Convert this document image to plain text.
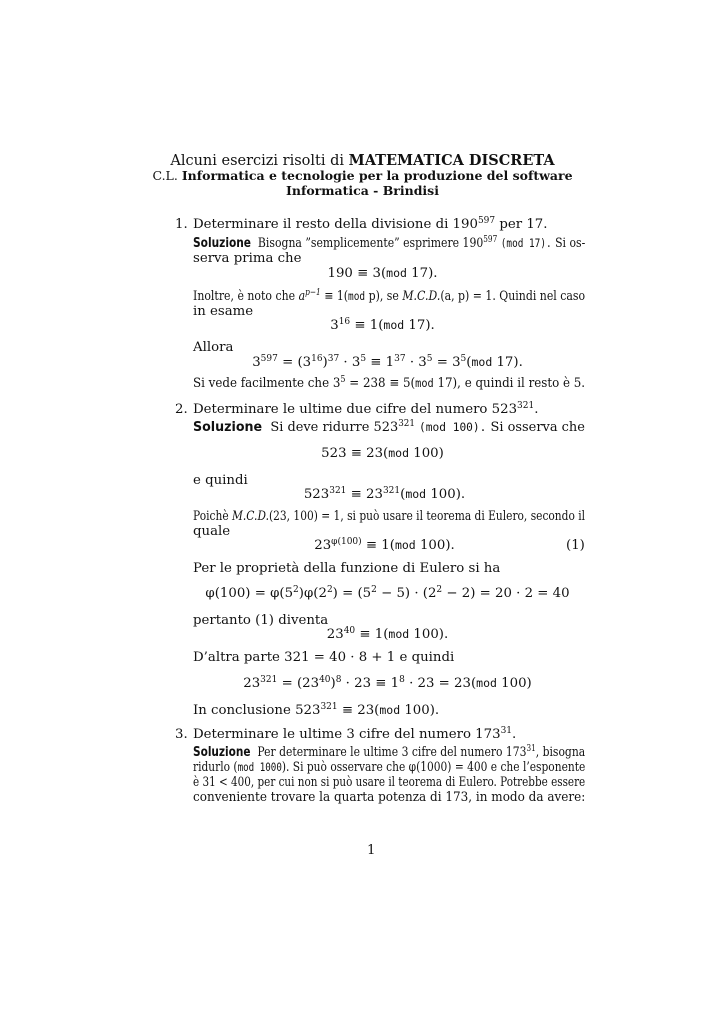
Alcuni esercizi risolti di MATEMATICA DISCRETA
C.L. Informatica e tecnologie per la produzione del software
Informatica - Brindisi
1. Determinare il resto della divisione di $190^{597}$ per 17.
Soluzione Bisogna ”semplicemente” esprimere $190^{597}$ (mod 17). Si os-
serva prima che
190 ≡ 3(mod 17).
Inoltre, è noto che $a^{p-1} \equiv 1(mod$ p), se M.C.D.(a, p) = 1. Quindi nel caso
in esame
$3^{16} \equiv 1(mod$ 17).
Allora
$3^{597} = (3^{16})^{37} \cdot 3^5 \equiv 1^{37} \cdot 3^5 = 3^5(mod$ 17).
Si vede facilmente che $3^5 = 238 \equiv 5(mod$ 17), e quindi il resto è 5.
2. Determinare le ultime due cifre del numero $523^{321}$.
Soluzione Si deve ridurre $523^{321}$ (mod 100). Si osserva che
523 ≡ 23(mod 100)
e quindi
$523^{321} \equiv 23^{321}(mod$ 100).
Poichè M.C.D.(23, 100) = 1, si può usare il teorema di Eulero, secondo il
quale
$23^{\varphi(100)} \equiv 1(mod$ 100).	(1)
Per le proprietà della funzione di Eulero si ha
$\varphi(100) = \varphi(5^2)\varphi(2^2) = (5^2 - 5) \cdot (2^2 - 2) = 20 \cdot 2 = 40$
pertanto (1) diventa
$23^{40} \equiv 1(mod$ 100).
D’altra parte 321 = 40 · 8 + 1 e quindi
$23^{321} = (23^{40})^8 \cdot 23 \equiv 1^8 \cdot 23 = 23(mod$ 100)
In conclusione $523^{321} \equiv 23(mod$ 100).
3. Determinare le ultime 3 cifre del numero $173^{31}$.
Soluzione Per determinare le ultime 3 cifre del numero $173^{31}$, bisogna
ridurlo (mod 1000). Si può osservare che φ(1000) = 400 e che l’esponente
è 31 < 400, per cui non si può usare il teorema di Eulero. Potrebbe essere
conveniente trovare la quarta potenza di 173, in modo da avere:
1
